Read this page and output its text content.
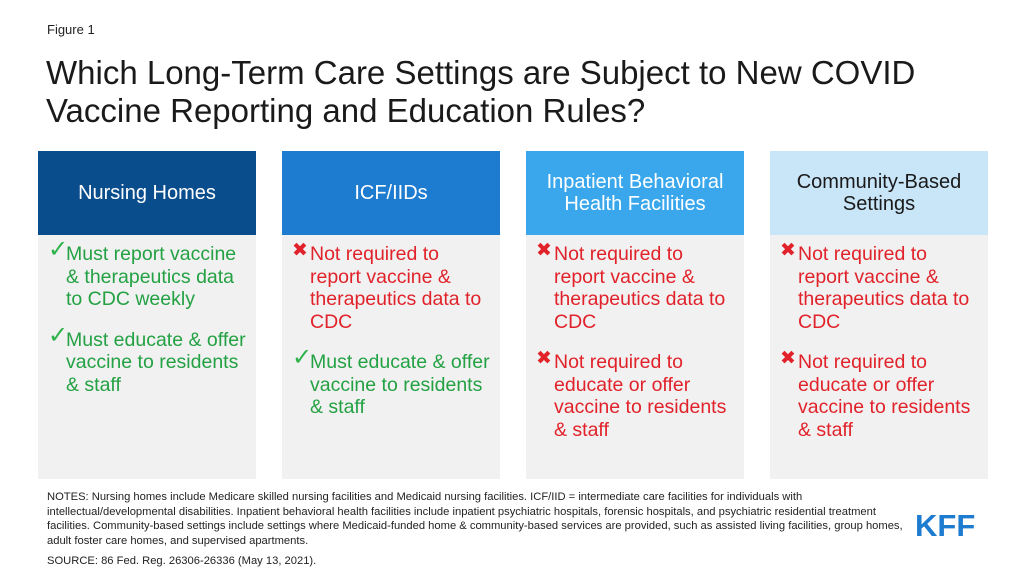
Figure 1
Which Long-Term Care Settings are Subject to New COVID Vaccine Reporting and Education Rules?
Nursing Homes
✓
Must report vaccine & therapeutics data to CDC weekly
✓
Must educate & offer vaccine to residents & staff
ICF/IIDs
✖ Not required to report vaccine & therapeutics data to CDC
✓
Must educate & offer vaccine to residents & staff
Inpatient Behavioral Health Facilities
✖ Not required to report vaccine & therapeutics data to CDC
✖ Not required to educate or offer vaccine to residents & staff
Community-Based Settings
✖ Not required to report vaccine & therapeutics data to CDC
✖ Not required to educate or offer vaccine to residents & staff
NOTES: Nursing homes include Medicare skilled nursing facilities and Medicaid nursing facilities. ICF/IID = intermediate care facilities for individuals with intellectual/developmental disabilities. Inpatient behavioral health facilities include inpatient psychiatric hospitals, forensic hospitals, and psychiatric residential treatment facilities. Community-based settings include settings where Medicaid-funded home & community-based services are provided, such as assisted living facilities, group homes, adult foster care homes, and supervised apartments.
SOURCE: 86 Fed. Reg. 26306-26336 (May 13, 2021).
KFF
